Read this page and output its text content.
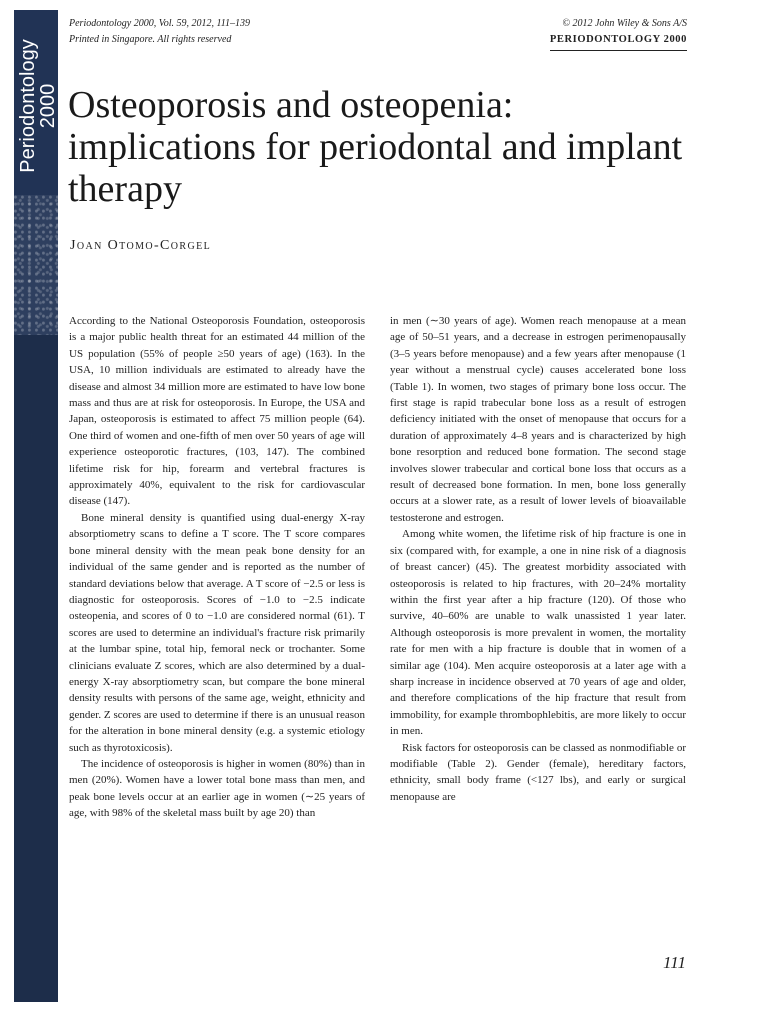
Periodontology
2000
Periodontology 2000, Vol. 59, 2012, 111–139
Printed in Singapore. All rights reserved
© 2012 John Wiley & Sons A/S
PERIODONTOLOGY 2000
Osteoporosis and osteopenia: implications for periodontal and implant therapy
Joan Otomo-Corgel

According to the National Osteoporosis Foundation, osteoporosis is a major public health threat for an estimated 44 million of the US population (55% of people ≥50 years of age) (163). In the USA, 10 million individuals are estimated to already have the disease and almost 34 million more are estimated to have low bone mass and thus are at risk for osteoporosis. In Europe, the USA and Japan, osteoporosis is estimated to affect 75 million people (64). One third of women and one-fifth of men over 50 years of age will experience osteoporotic fractures, (103, 147). The combined lifetime risk for hip, forearm and vertebral fractures is approximately 40%, equivalent to the risk for cardiovascular disease (147).

Bone mineral density is quantified using dual-energy X-ray absorptiometry scans to define a T score. The T score compares bone mineral density with the mean peak bone density for an individual of the same gender and is reported as the number of standard deviations below that average. A T score of −2.5 or less is diagnostic for osteoporosis. Scores of −1.0 to −2.5 indicate osteopenia, and scores of 0 to −1.0 are considered normal (61). T scores are used to determine an individual's fracture risk primarily at the lumbar spine, total hip, femoral neck or trochanter. Some clinicians evaluate Z scores, which are also determined by a dual-energy X-ray absorptiometry scan, but compare the bone mineral density results with persons of the same age, weight, ethnicity and gender. Z scores are used to determine if there is an unusual reason for the alteration in bone mineral density (e.g. a systemic etiology such as thyrotoxicosis).

The incidence of osteoporosis is higher in women (80%) than in men (20%). Women have a lower total bone mass than men, and peak bone levels occur at an earlier age in women (∼25 years of age, with 98% of the skeletal mass built by age 20) than

in men (∼30 years of age). Women reach menopause at a mean age of 50–51 years, and a decrease in estrogen perimenopausally (3–5 years before menopause) and a few years after menopause (1 year without a menstrual cycle) causes accelerated bone loss (Table 1). In women, two stages of primary bone loss occur. The first stage is rapid trabecular bone loss as a result of estrogen deficiency initiated with the onset of menopause that occurs for a duration of approximately 4–8 years and is characterized by high bone resorption and reduced bone formation. The second stage involves slower trabecular and cortical bone loss that occurs as a result of decreased bone formation. In men, bone loss generally occurs at a slower rate, as a result of lower levels of bioavailable testosterone and estrogen.

Among white women, the lifetime risk of hip fracture is one in six (compared with, for example, a one in nine risk of a diagnosis of breast cancer) (45). The greatest morbidity associated with osteoporosis is related to hip fractures, with 20–24% mortality within the first year after a hip fracture (120). Of those who survive, 40–60% are unable to walk unassisted 1 year later. Although osteoporosis is more prevalent in women, the mortality rate for men with a hip fracture is double that in women of a similar age (104). Men acquire osteoporosis at a later age with a sharp increase in incidence observed at 70 years of age and older, and therefore complications of the hip fracture that result from immobility, for example thrombophlebitis, are more likely to occur in men.

Risk factors for osteoporosis can be classed as nonmodifiable or modifiable (Table 2). Gender (female), hereditary factors, ethnicity, small body frame (<127 lbs), and early or surgical menopause are

111
